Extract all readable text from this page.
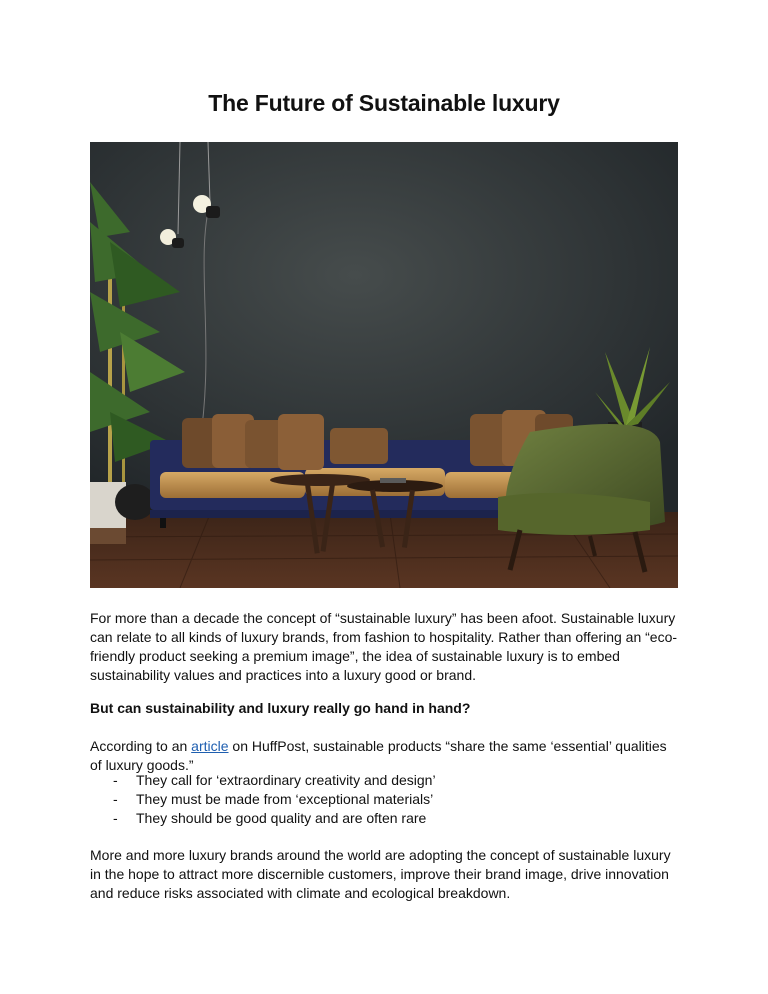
The Future of Sustainable luxury

For more than a decade the concept of “sustainable luxury” has been afoot. Sustainable luxury can relate to all kinds of luxury brands, from fashion to hospitality. Rather than offering an “eco-friendly product seeking a premium image”, the idea of sustainable luxury is to embed sustainability values and practices into a luxury good or brand.

But can sustainability and luxury really go hand in hand?

According to an article on HuffPost, sustainable products “share the same ‘essential’ qualities of luxury goods.”

- They call for ‘extraordinary creativity and design’
- They must be made from ‘exceptional materials’
- They should be good quality and are often rare

More and more luxury brands around the world are adopting the concept of sustainable luxury in the hope to attract more discernible customers, improve their brand image, drive innovation and reduce risks associated with climate and ecological breakdown.
